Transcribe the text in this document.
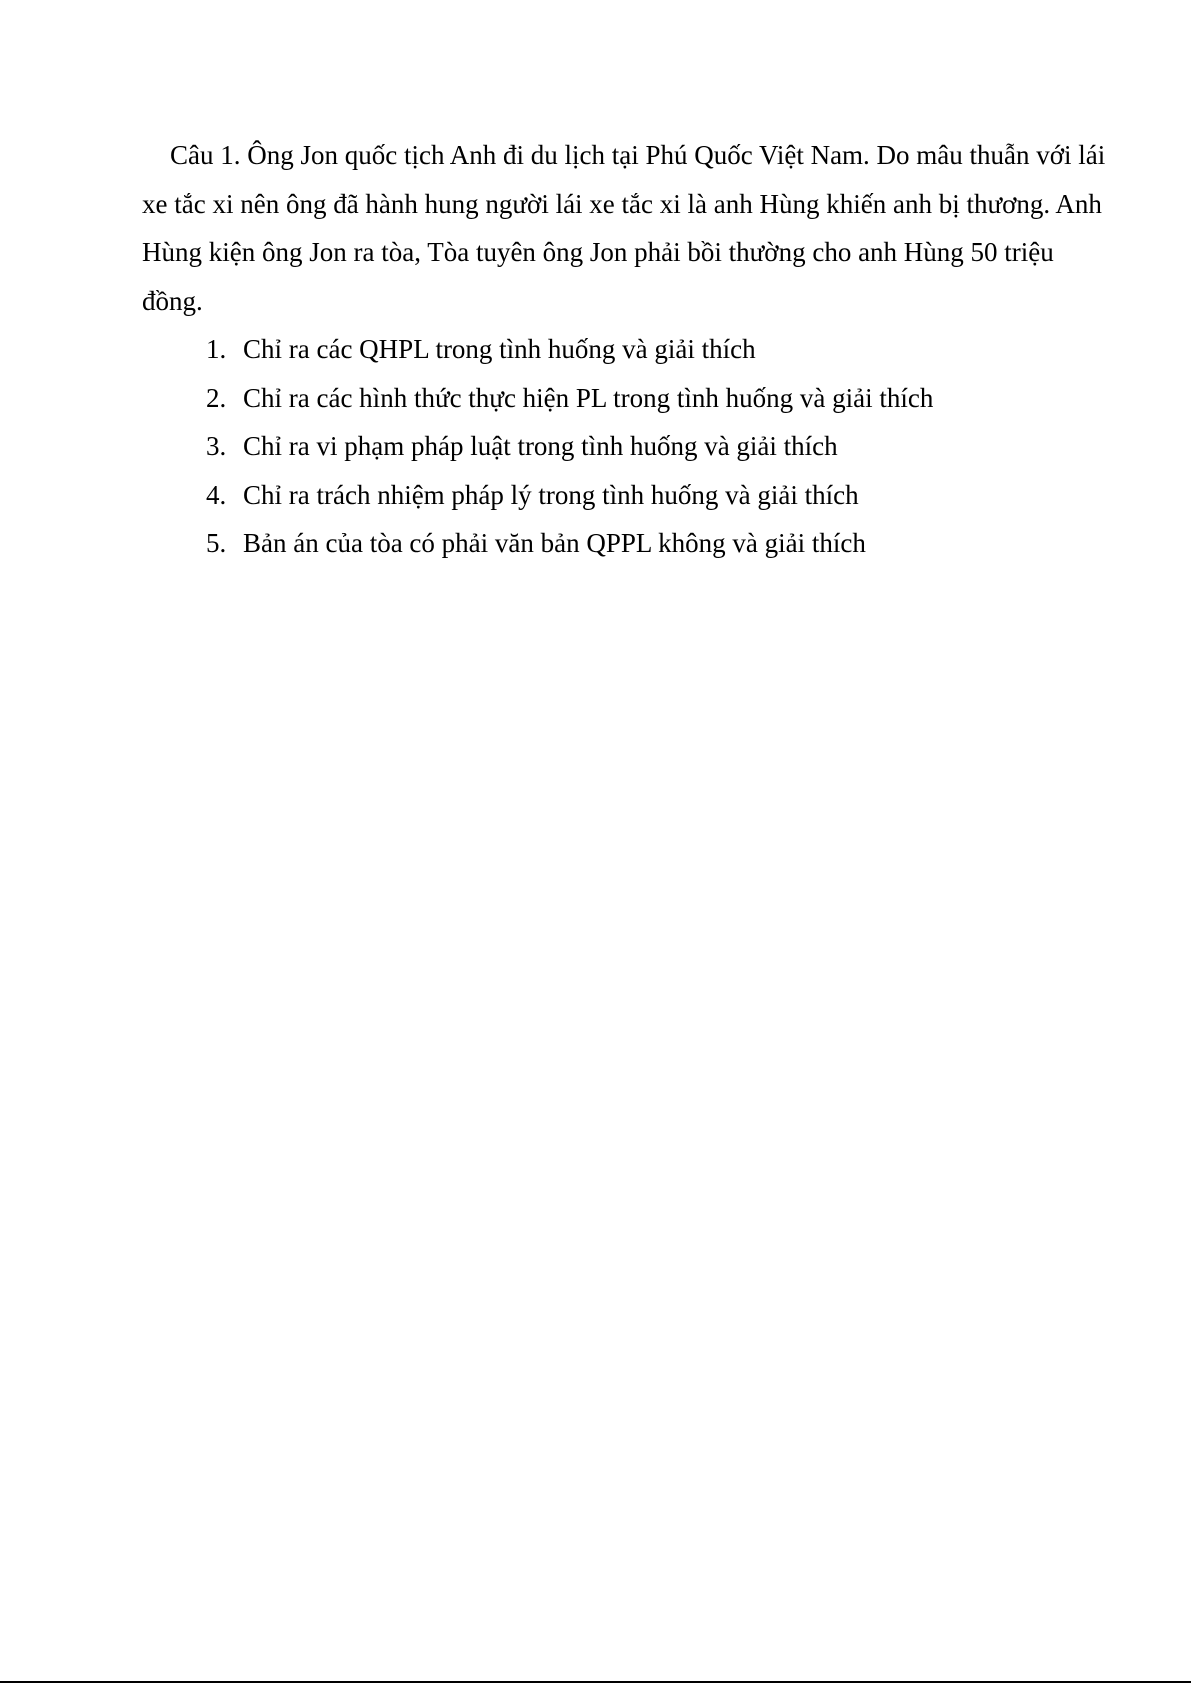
Câu 1. Ông Jon quốc tịch Anh đi du lịch tại Phú Quốc Việt Nam. Do mâu thuẫn với lái xe tắc xi nên ông đã hành hung người lái xe tắc xi là anh Hùng khiến anh bị thương. Anh Hùng kiện ông Jon ra tòa, Tòa tuyên ông Jon phải bồi thường cho anh Hùng 50 triệu đồng.

1. Chỉ ra các QHPL trong tình huống và giải thích
2. Chỉ ra các hình thức thực hiện PL trong tình huống và giải thích
3. Chỉ ra vi phạm pháp luật trong tình huống và giải thích
4. Chỉ ra trách nhiệm pháp lý trong tình huống và giải thích
5. Bản án của tòa có phải văn bản QPPL không và giải thích
